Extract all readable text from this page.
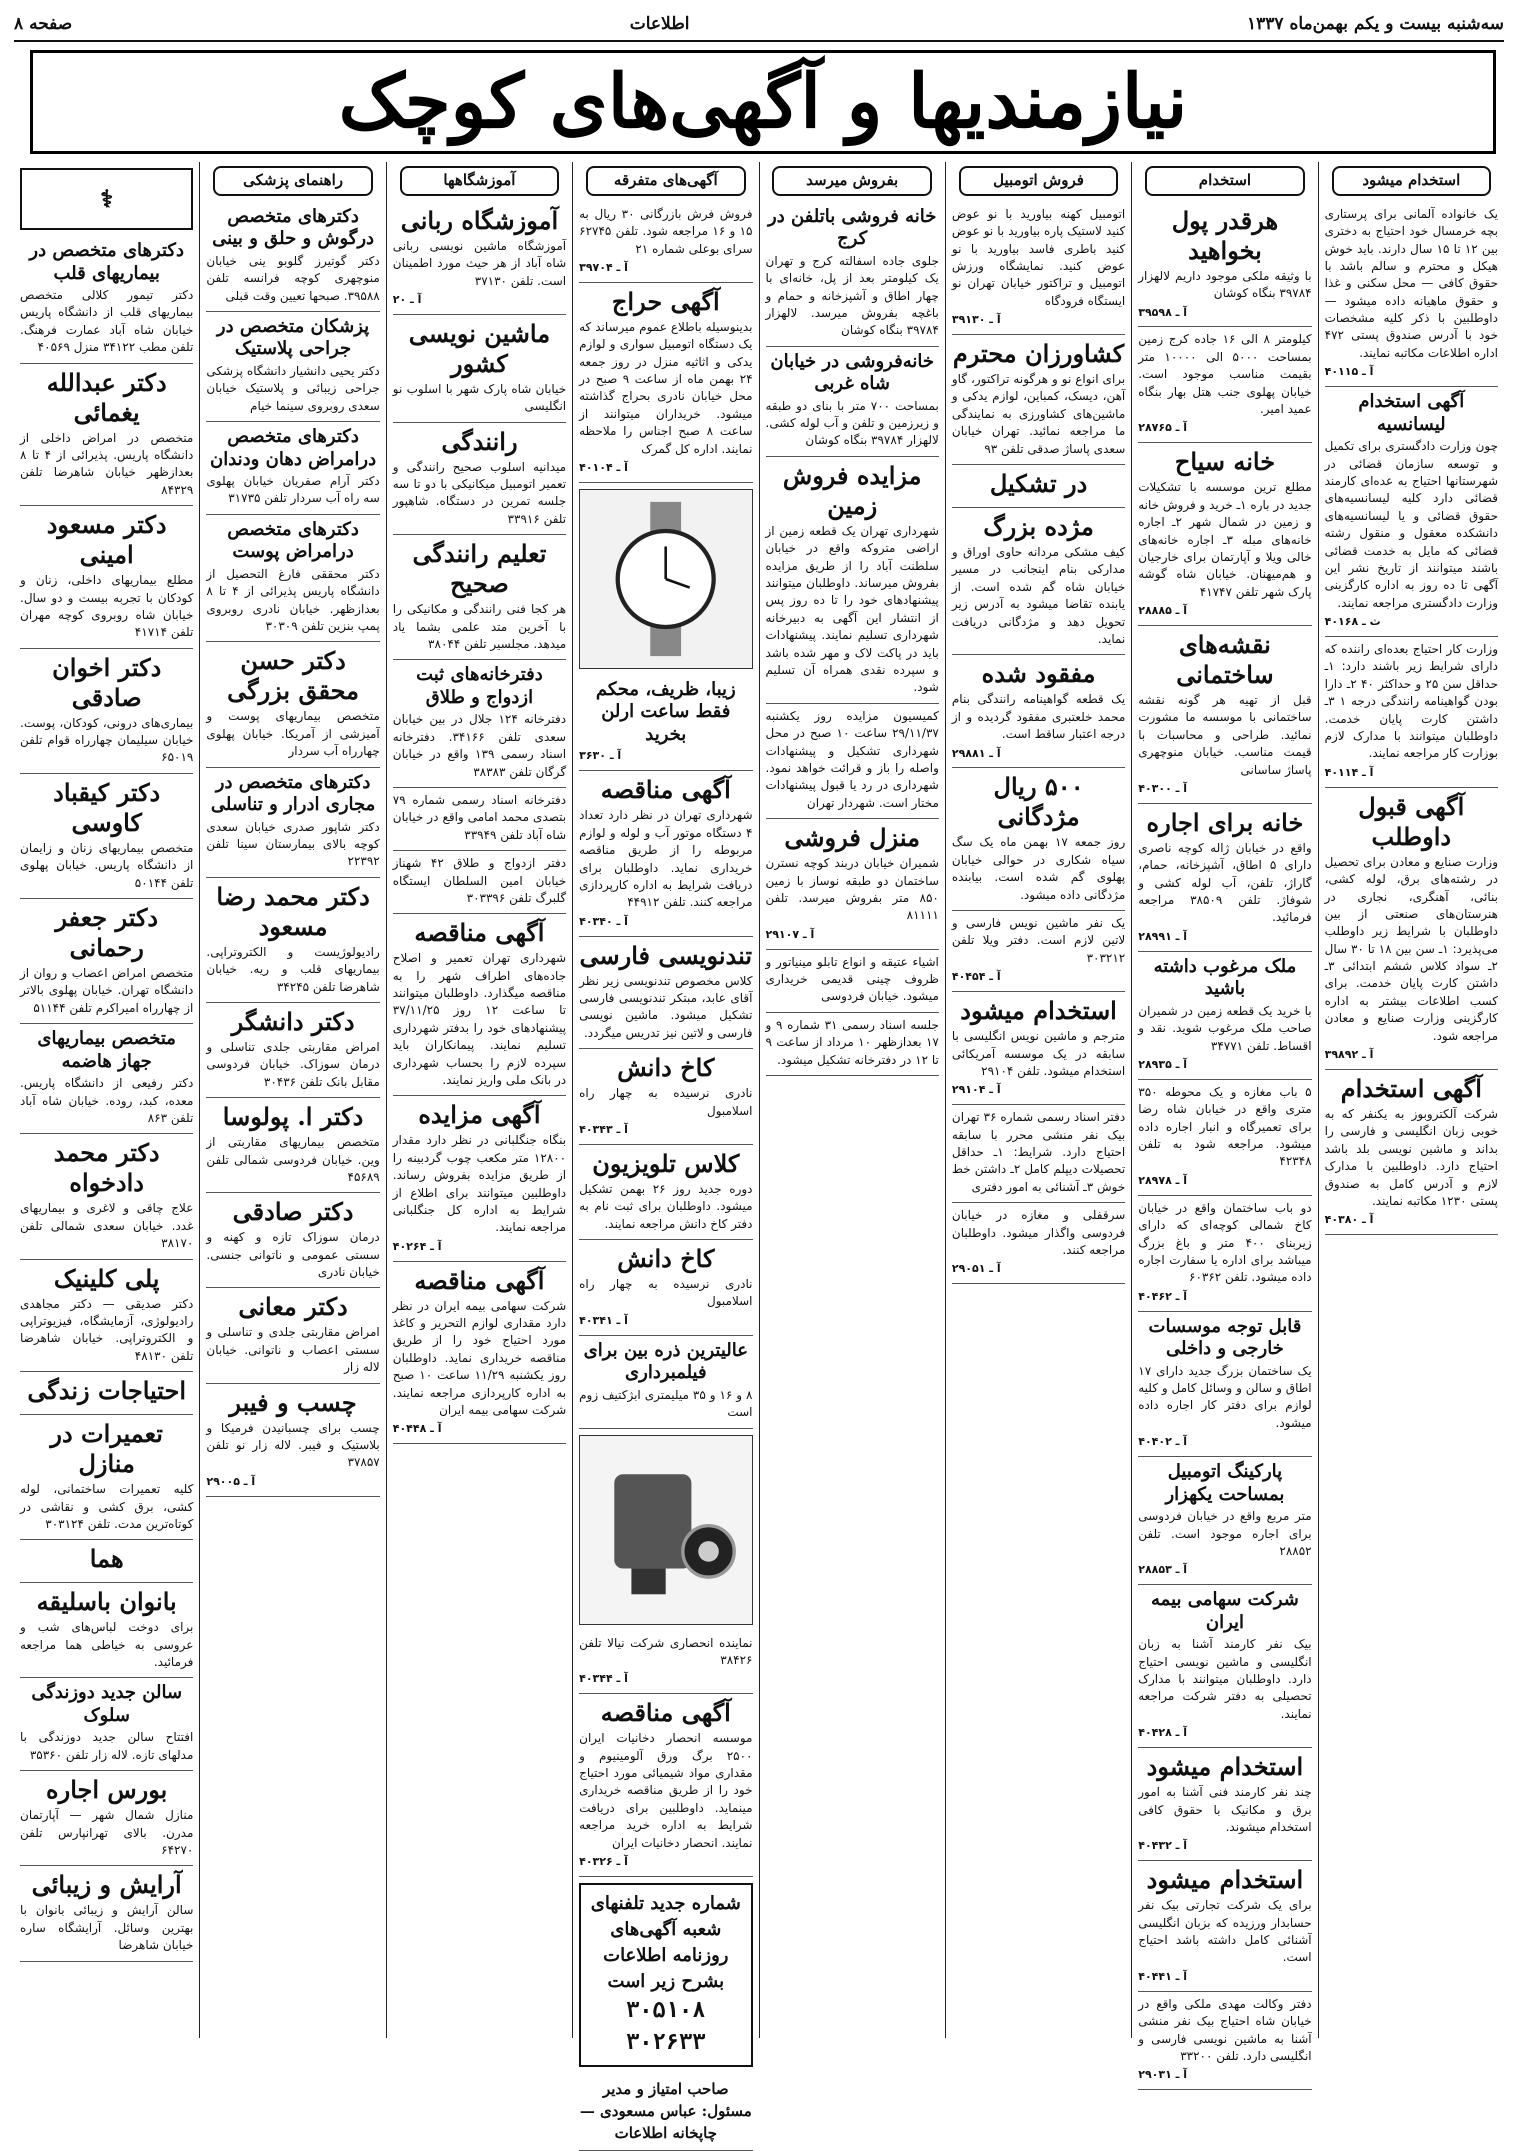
سه‌شنبه بیست و یکم بهمن‌ماه ۱۳۳۷
اطلاعات
صفحه ۸
نیازمندیها و آگهی‌های کوچک
استخدام میشود
یک خانواده آلمانی برای پرستاری بچه خرمسال خود احتیاج به دختری بین ۱۲ تا ۱۵ سال دارند. باید خوش هیکل و محترم و سالم باشد با حقوق کافی — محل سکنی و غذا و حقوق ماهیانه داده میشود — داوطلبین با ذکر کلیه مشخصات خود با آدرس صندوق پستی ۴۷۲ اداره اطلاعات مکاتبه نمایند.
آ ـ ۴۰۱۱۵
آگهی استخدام لیسانسیه
چون وزارت دادگستری برای تکمیل و توسعه سازمان قضائی در شهرستانها احتیاج به عده‌ای کارمند قضائی دارد کلیه لیسانسیه‌های حقوق قضائی و یا لیسانسیه‌های دانشکده معقول و منقول رشته قضائی که مایل به خدمت قضائی باشند میتوانند از تاریخ نشر این آگهی تا ده روز به اداره کارگزینی وزارت دادگستری مراجعه نمایند.
ث ـ ۴۰۱۶۸
وزارت کار احتیاج بعده‌ای راننده که دارای شرایط زیر باشند دارد: ۱ـ حداقل سن ۲۵ و حداکثر ۴۰ ۲ـ دارا بودن گواهینامه رانندگی درجه ۱ ۳ـ داشتن کارت پایان خدمت. داوطلبان میتوانند با مدارک لازم بوزارت کار مراجعه نمایند.
آ ـ ۴۰۱۱۴
آگهی قبول داوطلب
وزارت صنایع و معادن برای تحصیل در رشته‌های برق، لوله کشی، بنائی، آهنگری، نجاری در هنرستان‌های صنعتی از بین داوطلبان با شرایط زیر داوطلب می‌پذیرد: ۱ـ سن بین ۱۸ تا ۳۰ سال ۲ـ سواد کلاس ششم ابتدائی ۳ـ داشتن کارت پایان خدمت. برای کسب اطلاعات بیشتر به اداره کارگزینی وزارت صنایع و معادن مراجعه شود.
آ ـ ۳۹۸۹۲
آگهی استخدام
شرکت آلکتروبوز به یکنفر که به خوبی زبان انگلیسی و فارسی را بداند و ماشین نویسی بلد باشد احتیاج دارد. داوطلبین با مدارک لازم و آدرس کامل به صندوق پستی ۱۲۳۰ مکاتبه نمایند.
آ ـ ۴۰۳۸۰
استخدام
هرقدر پول بخواهید
با وثیقه ملکی موجود داریم لالهزار ۳۹۷۸۴ بنگاه کوشان
آ ـ ۳۹۵۹۸
کیلومتر ۸ الی ۱۶ جاده کرج زمین بمساحت ۵۰۰۰ الی ۱۰۰۰۰ متر بقیمت مناسب موجود است. خیابان پهلوی جنب هتل بهار بنگاه عمید امیر.
آ ـ ۲۸۷۶۵
خانه سیاح
مطلع ترین موسسه با تشکیلات جدید در باره ۱ـ خرید و فروش خانه و زمین در شمال شهر ۲ـ اجاره خانه‌های مبله ۳ـ اجاره خانه‌های خالی ویلا و آپارتمان برای خارجیان و هم‌میهنان. خیابان شاه گوشه پارک شهر تلفن ۴۱۷۴۷
آ ـ ۲۸۸۸۵
نقشه‌های ساختمانی
قبل از تهیه هر گونه نقشه ساختمانی با موسسه ما مشورت نمائید. طراحی و محاسبات با قیمت مناسب. خیابان منوچهری پاساژ ساسانی
آ ـ ۴۰۳۰۰
خانه برای اجاره
واقع در خیابان ژاله کوچه ناصری دارای ۵ اطاق، آشپزخانه، حمام، گاراژ، تلفن، آب لوله کشی و شوفاژ. تلفن ۳۸۵۰۹ مراجعه فرمائید.
آ ـ ۲۸۹۹۱
ملک مرغوب داشته باشید
با خرید یک قطعه زمین در شمیران صاحب ملک مرغوب شوید. نقد و اقساط. تلفن ۳۴۷۷۱
آ ـ ۲۸۹۳۵
۵ باب مغازه و یک محوطه ۳۵۰ متری واقع در خیابان شاه رضا برای تعمیرگاه و انبار اجاره داده میشود. مراجعه شود به تلفن ۴۲۳۴۸
آ ـ ۲۸۹۷۸
دو باب ساختمان واقع در خیابان کاخ شمالی کوچه‌ای که دارای زیربنای ۴۰۰ متر و باغ بزرگ میباشد برای اداره یا سفارت اجاره داده میشود. تلفن ۶۰۳۶۲
آ ـ ۴۰۴۶۲
قابل توجه موسسات خارجی و داخلی
یک ساختمان بزرگ جدید دارای ۱۷ اطاق و سالن و وسائل کامل و کلیه لوازم برای دفتر کار اجاره داده میشود.
آ ـ ۴۰۴۰۲
پارکینگ اتومبیل بمساحت یکهزار
متر مربع واقع در خیابان فردوسی برای اجاره موجود است. تلفن ۲۸۸۵۲
آ ـ ۲۸۸۵۳
شرکت سهامی بیمه ایران
بیک نفر کارمند آشنا به زبان انگلیسی و ماشین نویسی احتیاج دارد. داوطلبان میتوانند با مدارک تحصیلی به دفتر شرکت مراجعه نمایند.
آ ـ ۴۰۴۲۸
استخدام میشود
چند نفر کارمند فنی آشنا به امور برق و مکانیک با حقوق کافی استخدام میشوند.
آ ـ ۴۰۴۳۲
استخدام میشود
برای یک شرکت تجارتی بیک نفر حسابدار ورزیده که بزبان انگلیسی آشنائی کامل داشته باشد احتیاج است.
آ ـ ۴۰۴۴۱
دفتر وکالت مهدی ملکی واقع در خیابان شاه احتیاج بیک نفر منشی آشنا به ماشین نویسی فارسی و انگلیسی دارد. تلفن ۳۳۲۰۰
آ ـ ۲۹۰۳۱
فروش اتومبیل
اتومبیل کهنه بیاورید با نو عوض کنید لاستیک پاره بیاورید با نو عوض کنید باطری فاسد بیاورید با نو عوض کنید. نمایشگاه ورزش اتومبیل و تراکتور خیابان تهران نو ایستگاه فرودگاه
آ ـ ۳۹۱۳۰
کشاورزان محترم
برای انواع نو و هرگونه تراکتور، گاو آهن، دیسک، کمباین، لوازم یدکی و ماشین‌های کشاورزی به نمایندگی ما مراجعه نمائید. تهران خیابان سعدی پاساژ صدقی تلفن ۹۳
در تشکیل
مژده بزرگ
کیف مشکی مردانه حاوی اوراق و مدارکی بنام اینجانب در مسیر خیابان شاه گم شده است. از یابنده تقاضا میشود به آدرس زیر تحویل دهد و مژدگانی دریافت نماید.
مفقود شده
یک قطعه گواهینامه رانندگی بنام محمد خلعتبری مفقود گردیده و از درجه اعتبار ساقط است.
آ ـ ۲۹۸۸۱
۵۰۰ ریال مژدگانی
روز جمعه ۱۷ بهمن ماه یک سگ سیاه شکاری در حوالی خیابان پهلوی گم شده است. بیابنده مژدگانی داده میشود.
یک نفر ماشین نویس فارسی و لاتین لازم است. دفتر ویلا تلفن ۳۰۳۲۱۲
آ ـ ۴۰۴۵۴
استخدام میشود
مترجم و ماشین نویس انگلیسی با سابقه در یک موسسه آمریکائی استخدام میشود. تلفن ۲۹۱۰۴
آ ـ ۲۹۱۰۴
دفتر اسناد رسمی شماره ۳۶ تهران بیک نفر منشی محرر با سابقه احتیاج دارد. شرایط: ۱ـ حداقل تحصیلات دیپلم کامل ۲ـ داشتن خط خوش ۳ـ آشنائی به امور دفتری
سرقفلی و مغازه در خیابان فردوسی واگذار میشود. داوطلبان مراجعه کنند.
آ ـ ۲۹۰۵۱
بفروش میرسد
خانه فروشی باتلفن در کرج
جلوی جاده اسفالته کرج و تهران یک کیلومتر بعد از پل، خانه‌ای با چهار اطاق و آشپزخانه و حمام و باغچه بفروش میرسد. لالهزار ۳۹۷۸۴ بنگاه کوشان
خانه‌فروشی در خیابان شاه غربی
بمساحت ۷۰۰ متر با بنای دو طبقه و زیرزمین و تلفن و آب لوله کشی. لالهزار ۳۹۷۸۴ بنگاه کوشان
مزایده فروش زمین
شهرداری تهران یک قطعه زمین از اراضی متروکه واقع در خیابان سلطنت آباد را از طریق مزایده بفروش میرساند. داوطلبان میتوانند پیشنهادهای خود را تا ده روز پس از انتشار این آگهی به دبیرخانه شهرداری تسلیم نمایند. پیشنهادات باید در پاکت لاک و مهر شده باشد و سپرده نقدی همراه آن تسلیم شود.
کمیسیون مزایده روز یکشنبه ۲۹/۱۱/۳۷ ساعت ۱۰ صبح در محل شهرداری تشکیل و پیشنهادات واصله را باز و قرائت خواهد نمود. شهرداری در رد یا قبول پیشنهادات مختار است. شهردار تهران
منزل فروشی
شمیران خیابان دربند کوچه نسترن ساختمان دو طبقه نوساز با زمین ۸۵۰ متر بفروش میرسد. تلفن ۸۱۱۱۱
آ ـ ۲۹۱۰۷
اشیاء عتیقه و انواع تابلو مینیاتور و ظروف چینی قدیمی خریداری میشود. خیابان فردوسی
جلسه اسناد رسمی ۳۱ شماره ۹ و ۱۷ بعدازظهر ۱۰ مرداد از ساعت ۹ تا ۱۲ در دفترخانه تشکیل میشود.
آگهی‌های متفرقه
فروش فرش بازرگانی ۳۰ ریال به ۱۵ و ۱۶ مراجعه شود. تلفن ۶۲۷۴۵ سرای بوعلی شماره ۲۱
آ ـ ۳۹۷۰۴
آگهی حراج
بدینوسیله باطلاع عموم میرساند که یک دستگاه اتومبیل سواری و لوازم یدکی و اثاثیه منزل در روز جمعه ۲۴ بهمن ماه از ساعت ۹ صبح در محل خیابان نادری بحراج گذاشته میشود. خریداران میتوانند از ساعت ۸ صبح اجناس را ملاحظه نمایند. اداره کل گمرک
آ ـ ۴۰۱۰۴
زیبا، ظریف، محکم فقط ساعت ارلن بخرید
آ ـ ۳۶۳۰
آگهی مناقصه
شهرداری تهران در نظر دارد تعداد ۴ دستگاه موتور آب و لوله و لوازم مربوطه را از طریق مناقصه خریداری نماید. داوطلبان برای دریافت شرایط به اداره کارپردازی مراجعه کنند. تلفن ۴۴۹۱۲
آ ـ ۴۰۳۴۰
تندنویسی فارسی
کلاس مخصوص تندنویسی زیر نظر آقای عابد، مبتکر تندنویسی فارسی تشکیل میشود. ماشین نویسی فارسی و لاتین نیز تدریس میگردد.
کاخ دانش
نادری نرسیده به چهار راه اسلامبول
آ ـ ۴۰۳۴۳
کلاس تلویزیون
دوره جدید روز ۲۶ بهمن تشکیل میشود. داوطلبان برای ثبت نام به دفتر کاخ دانش مراجعه نمایند.
کاخ دانش
نادری نرسیده به چهار راه اسلامبول
آ ـ ۴۰۳۴۱
عالیترین ذره بین برای فیلمبرداری
۸ و ۱۶ و ۳۵ میلیمتری ابژکتیف زوم است
نماینده انحصاری شرکت نیالا تلفن ۳۸۴۲۶
آ ـ ۴۰۳۴۴
آگهی مناقصه
موسسه انحصار دخانیات ایران ۲۵۰۰ برگ ورق آلومینیوم و مقداری مواد شیمیائی مورد احتیاج خود را از طریق مناقصه خریداری مینماید. داوطلبین برای دریافت شرایط به اداره خرید مراجعه نمایند. انحصار دخانیات ایران
آ ـ ۴۰۳۲۶
شماره جدید تلفنهای شعبه آگهی‌های روزنامه اطلاعات
بشرح زیر است
۳۰۵۱۰۸
۳۰۲۶۳۳
صاحب امتیاز و مدیر مسئول: عباس مسعودی — چاپخانه اطلاعات
آموزشگاهها
آموزشگاه ربانی
آموزشگاه ماشین نویسی ربانی شاه آباد از هر حیث مورد اطمینان است. تلفن ۳۷۱۳۰
آ ـ ۲۰
ماشین نویسی کشور
خیابان شاه پارک شهر با اسلوب نو انگلیسی
رانندگی
میدانیه اسلوب صحیح رانندگی و تعمیر اتومبیل میکانیکی با دو تا سه جلسه تمرین در دستگاه. شاهپور تلفن ۳۳۹۱۶
تعلیم رانندگی صحیح
هر کجا فنی رانندگی و مکانیکی را با آخرین متد علمی بشما یاد میدهد. مجلسیر تلفن ۳۸۰۴۴
دفترخانه‌های ثبت ازدواج و طلاق
دفترخانه ۱۲۴ جلال در بین خیابان سعدی تلفن ۳۴۱۶۶. دفترخانه اسناد رسمی ۱۳۹ واقع در خیابان گرگان تلفن ۳۸۳۸۳
دفترخانه اسناد رسمی شماره ۷۹ بتصدی محمد امامی واقع در خیابان شاه آباد تلفن ۳۳۹۴۹
دفتر ازدواج و طلاق ۴۲ شهناز خیابان امین السلطان ایستگاه گلبرگ تلفن ۳۰۳۳۹۶
آگهی مناقصه
شهرداری تهران تعمیر و اصلاح جاده‌های اطراف شهر را به مناقصه میگذارد. داوطلبان میتوانند تا ساعت ۱۲ روز ۳۷/۱۱/۲۵ پیشنهادهای خود را بدفتر شهرداری تسلیم نمایند. پیمانکاران باید سپرده لازم را بحساب شهرداری در بانک ملی واریز نمایند.
آگهی مزایده
بنگاه جنگلبانی در نظر دارد مقدار ۱۲۸۰۰ متر مکعب چوب گردبینه را از طریق مزایده بفروش رساند. داوطلبین میتوانند برای اطلاع از شرایط به اداره کل جنگلبانی مراجعه نمایند.
آ ـ ۴۰۲۶۴
آگهی مناقصه
شرکت سهامی بیمه ایران در نظر دارد مقداری لوازم التحریر و کاغذ مورد احتیاج خود را از طریق مناقصه خریداری نماید. داوطلبان روز یکشنبه ۱۱/۲۹ ساعت ۱۰ صبح به اداره کارپردازی مراجعه نمایند. شرکت سهامی بیمه ایران
آ ـ ۴۰۴۴۸
راهنمای پزشکی
دکترهای متخصص درگوش و حلق و بینی
دکتر گوتیرز گلوبو ینی خیابان منوچهری کوچه فرانسه تلفن ۳۹۵۸۸. صبحها تعیین وقت قبلی
پزشکان متخصص در جراحی پلاستیک
دکتر یحیی دانشیار دانشگاه پزشکی جراحی زیبائی و پلاستیک خیابان سعدی روبروی سینما خیام
دکترهای متخصص درامراض دهان ودندان
دکتر آرام صفریان خیابان پهلوی سه راه آب سردار تلفن ۳۱۷۳۵
دکترهای متخصص درامراض پوست
دکتر محققی فارغ التحصیل از دانشگاه پاریس پذیرائی از ۴ تا ۸ بعدازظهر. خیابان نادری روبروی پمپ بنزین تلفن ۳۰۳۰۹
دکتر حسن محقق بزرگی
متخصص بیماریهای پوست و آمیزشی از آمریکا. خیابان پهلوی چهارراه آب سردار
دکترهای متخصص در مجاری ادرار و تناسلی
دکتر شاپور صدری خیابان سعدی کوچه بالای بیمارستان سینا تلفن ۲۲۳۹۲
دکتر محمد رضا مسعود
رادیولوژیست و الکتروتراپی. بیماریهای قلب و ریه. خیابان شاهرضا تلفن ۳۴۲۴۵
دکتر دانشگر
امراض مقاربتی جلدی تناسلی و درمان سوزاک. خیابان فردوسی مقابل بانک تلفن ۳۰۴۳۶
دکتر ا. پولوسا
متخصص بیماریهای مقاربتی از وین. خیابان فردوسی شمالی تلفن ۴۵۶۸۹
دکتر صادقی
درمان سوزاک تازه و کهنه و سستی عمومی و ناتوانی جنسی. خیابان نادری
دکتر معانی
امراض مقاربتی جلدی و تناسلی و سستی اعصاب و ناتوانی. خیابان لاله زار
چسب و فیبر
چسب برای چسبانیدن فرمیکا و بلاستیک و فیبر. لاله زار نو تلفن ۳۷۸۵۷
آ ـ ۲۹۰۰۵
⚕
دکترهای متخصص در بیماریهای قلب
دکتر تیمور کلالی متخصص بیماریهای قلب از دانشگاه پاریس خیابان شاه آباد عمارت فرهنگ. تلفن مطب ۳۴۱۲۲ منزل ۴۰۵۶۹
دکتر عبدالله یغمائی
متخصص در امراض داخلی از دانشگاه پاریس. پذیرائی از ۴ تا ۸ بعدازظهر خیابان شاهرضا تلفن ۸۴۳۲۹
دکتر مسعود امینی
مطلع بیماریهای داخلی، زنان و کودکان با تجربه بیست و دو سال. خیابان شاه روبروی کوچه مهران تلفن ۴۱۷۱۴
دکتر اخوان صادقی
بیماری‌های درونی، کودکان، پوست. خیابان سیلیمان چهارراه قوام تلفن ۶۵۰۱۹
دکتر کیقباد کاوسی
متخصص بیماریهای زنان و زایمان از دانشگاه پاریس. خیابان پهلوی تلفن ۵۰۱۴۴
دکتر جعفر رحمانی
متخصص امراض اعصاب و روان از دانشگاه تهران. خیابان پهلوی بالاتر از چهارراه امیراکرم تلفن ۵۱۱۴۴
متخصص بیماریهای جهاز هاضمه
دکتر رفیعی از دانشگاه پاریس. معده، کبد، روده. خیابان شاه آباد تلفن ۸۶۳
دکتر محمد دادخواه
علاج چاقی و لاغری و بیماریهای غدد. خیابان سعدی شمالی تلفن ۳۸۱۷۰
پلی کلینیک
دکتر صدیقی — دکتر مجاهدی رادیولوژی، آزمایشگاه، فیزیوتراپی و الکتروتراپی. خیابان شاهرضا تلفن ۴۸۱۳۰
احتیاجات زندگی
تعمیرات در منازل
کلیه تعمیرات ساختمانی، لوله کشی، برق کشی و نقاشی در کوتاه‌ترین مدت. تلفن ۳۰۳۱۲۴
هما
بانوان باسلیقه
برای دوخت لباس‌های شب و عروسی به خیاطی هما مراجعه فرمائید.
سالن جدید دوزندگی سلوک
افتتاح سالن جدید دوزندگی با مدلهای تازه. لاله زار تلفن ۳۵۳۶۰
بورس اجاره
منازل شمال شهر — آپارتمان مدرن. بالای تهرانپارس تلفن ۶۴۲۷۰
آرایش و زیبائی
سالن آرایش و زیبائی بانوان با بهترین وسائل. آرایشگاه ساره خیابان شاهرضا
